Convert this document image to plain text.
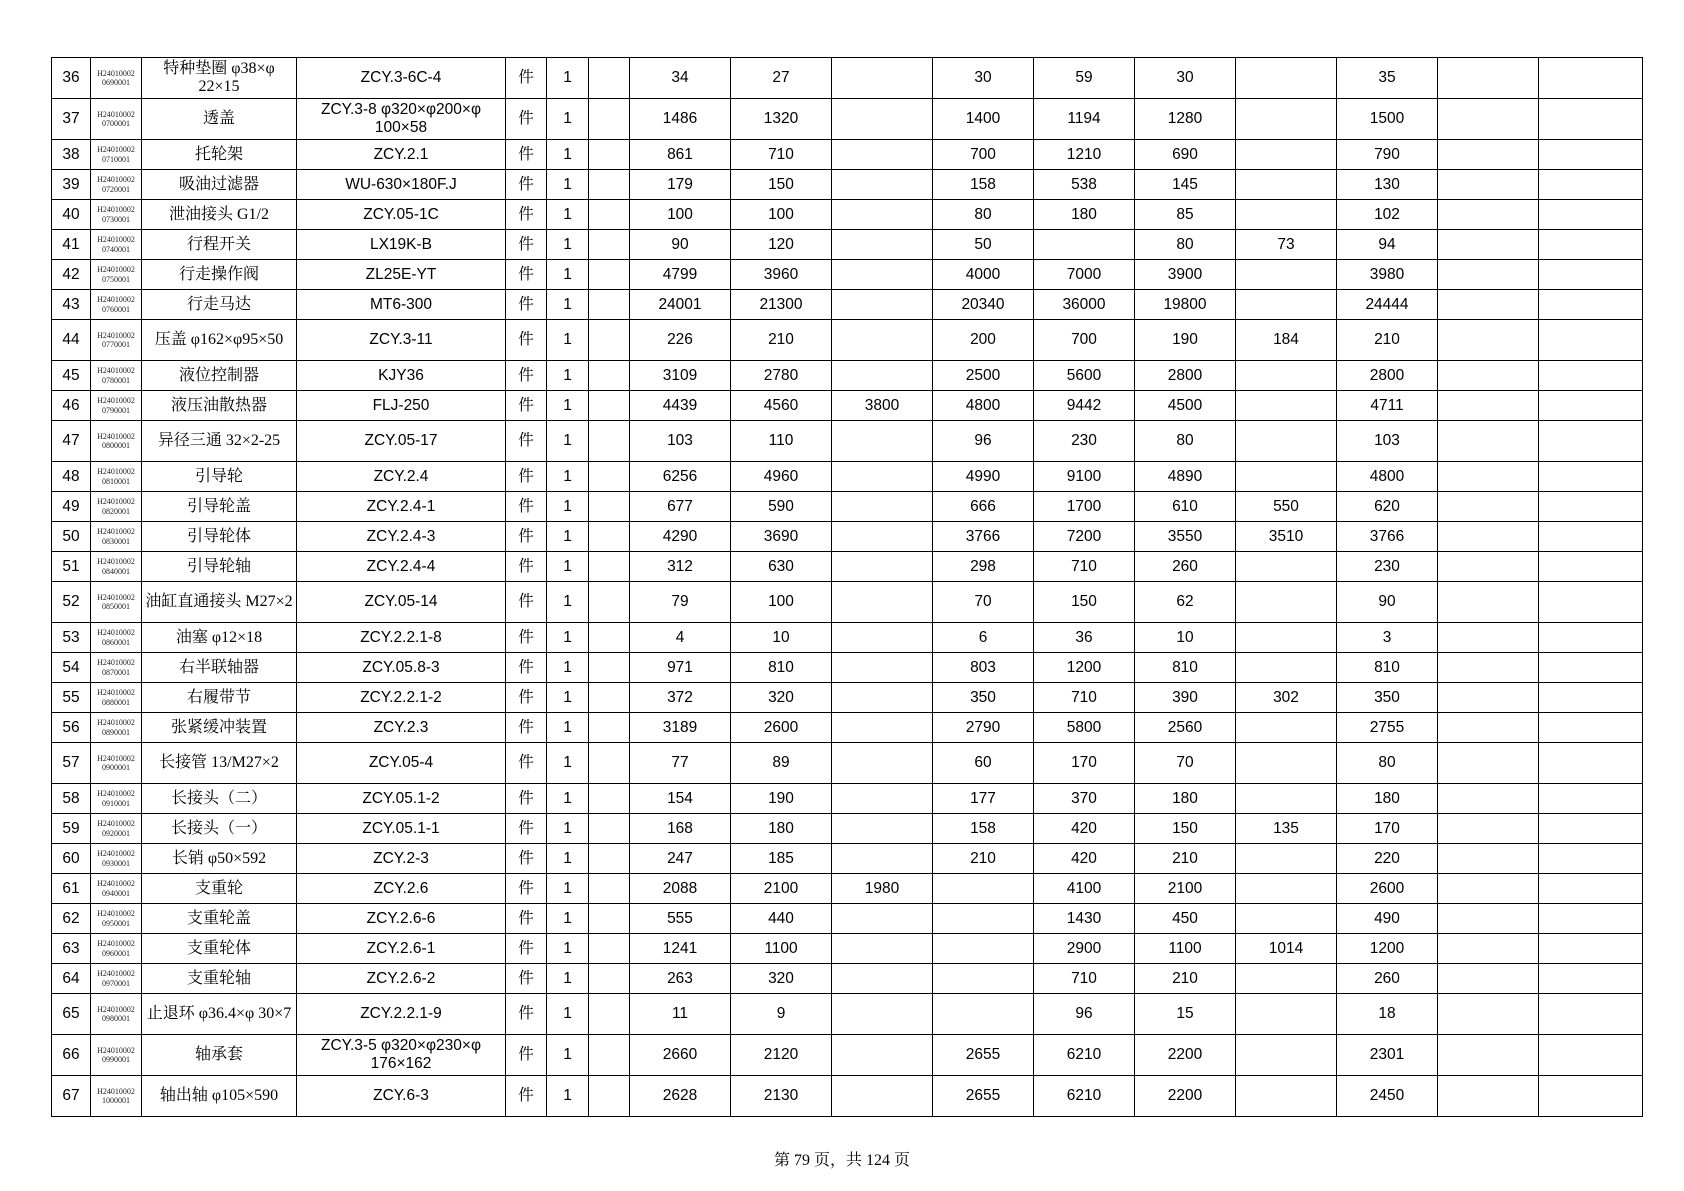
36	H24010002 0690001	特种垫圈 φ38×φ 22×15	ZCY.3-6C-4	件	1		34	27		30	59	30		35		
37	H24010002 0700001	透盖	ZCY.3-8 φ320×φ200×φ 100×58	件	1		1486	1320		1400	1194	1280		1500		
38	H24010002 0710001	托轮架	ZCY.2.1	件	1		861	710		700	1210	690		790		
39	H24010002 0720001	吸油过滤器	WU-630×180F.J	件	1		179	150		158	538	145		130		
40	H24010002 0730001	泄油接头 G1/2	ZCY.05-1C	件	1		100	100		80	180	85		102		
41	H24010002 0740001	行程开关	LX19K-B	件	1		90	120		50		80	73	94		
42	H24010002 0750001	行走操作阀	ZL25E-YT	件	1		4799	3960		4000	7000	3900		3980		
43	H24010002 0760001	行走马达	MT6-300	件	1		24001	21300		20340	36000	19800		24444		
44	H24010002 0770001	压盖 φ162×φ95×50	ZCY.3-11	件	1		226	210		200	700	190	184	210		
45	H24010002 0780001	液位控制器	KJY36	件	1		3109	2780		2500	5600	2800		2800		
46	H24010002 0790001	液压油散热器	FLJ-250	件	1		4439	4560	3800	4800	9442	4500		4711		
47	H24010002 0800001	异径三通 32×2-25	ZCY.05-17	件	1		103	110		96	230	80		103		
48	H24010002 0810001	引导轮	ZCY.2.4	件	1		6256	4960		4990	9100	4890		4800		
49	H24010002 0820001	引导轮盖	ZCY.2.4-1	件	1		677	590		666	1700	610	550	620		
50	H24010002 0830001	引导轮体	ZCY.2.4-3	件	1		4290	3690		3766	7200	3550	3510	3766		
51	H24010002 0840001	引导轮轴	ZCY.2.4-4	件	1		312	630		298	710	260		230		
52	H24010002 0850001	油缸直通接头 M27×2	ZCY.05-14	件	1		79	100		70	150	62		90		
53	H24010002 0860001	油塞 φ12×18	ZCY.2.2.1-8	件	1		4	10		6	36	10		3		
54	H24010002 0870001	右半联轴器	ZCY.05.8-3	件	1		971	810		803	1200	810		810		
55	H24010002 0880001	右履带节	ZCY.2.2.1-2	件	1		372	320		350	710	390	302	350		
56	H24010002 0890001	张紧缓冲装置	ZCY.2.3	件	1		3189	2600		2790	5800	2560		2755		
57	H24010002 0900001	长接管 13/M27×2	ZCY.05-4	件	1		77	89		60	170	70		80		
58	H24010002 0910001	长接头（二）	ZCY.05.1-2	件	1		154	190		177	370	180		180		
59	H24010002 0920001	长接头（一）	ZCY.05.1-1	件	1		168	180		158	420	150	135	170		
60	H24010002 0930001	长销 φ50×592	ZCY.2-3	件	1		247	185		210	420	210		220		
61	H24010002 0940001	支重轮	ZCY.2.6	件	1		2088	2100	1980		4100	2100		2600		
62	H24010002 0950001	支重轮盖	ZCY.2.6-6	件	1		555	440			1430	450		490		
63	H24010002 0960001	支重轮体	ZCY.2.6-1	件	1		1241	1100			2900	1100	1014	1200		
64	H24010002 0970001	支重轮轴	ZCY.2.6-2	件	1		263	320			710	210		260		
65	H24010002 0980001	止退环 φ36.4×φ 30×7	ZCY.2.2.1-9	件	1		11	9			96	15		18		
66	H24010002 0990001	轴承套	ZCY.3-5 φ320×φ230×φ 176×162	件	1		2660	2120		2655	6210	2200		2301		
67	H24010002 1000001	轴出轴 φ105×590	ZCY.6-3	件	1		2628	2130		2655	6210	2200		2450		
第 79 页，共 124 页
